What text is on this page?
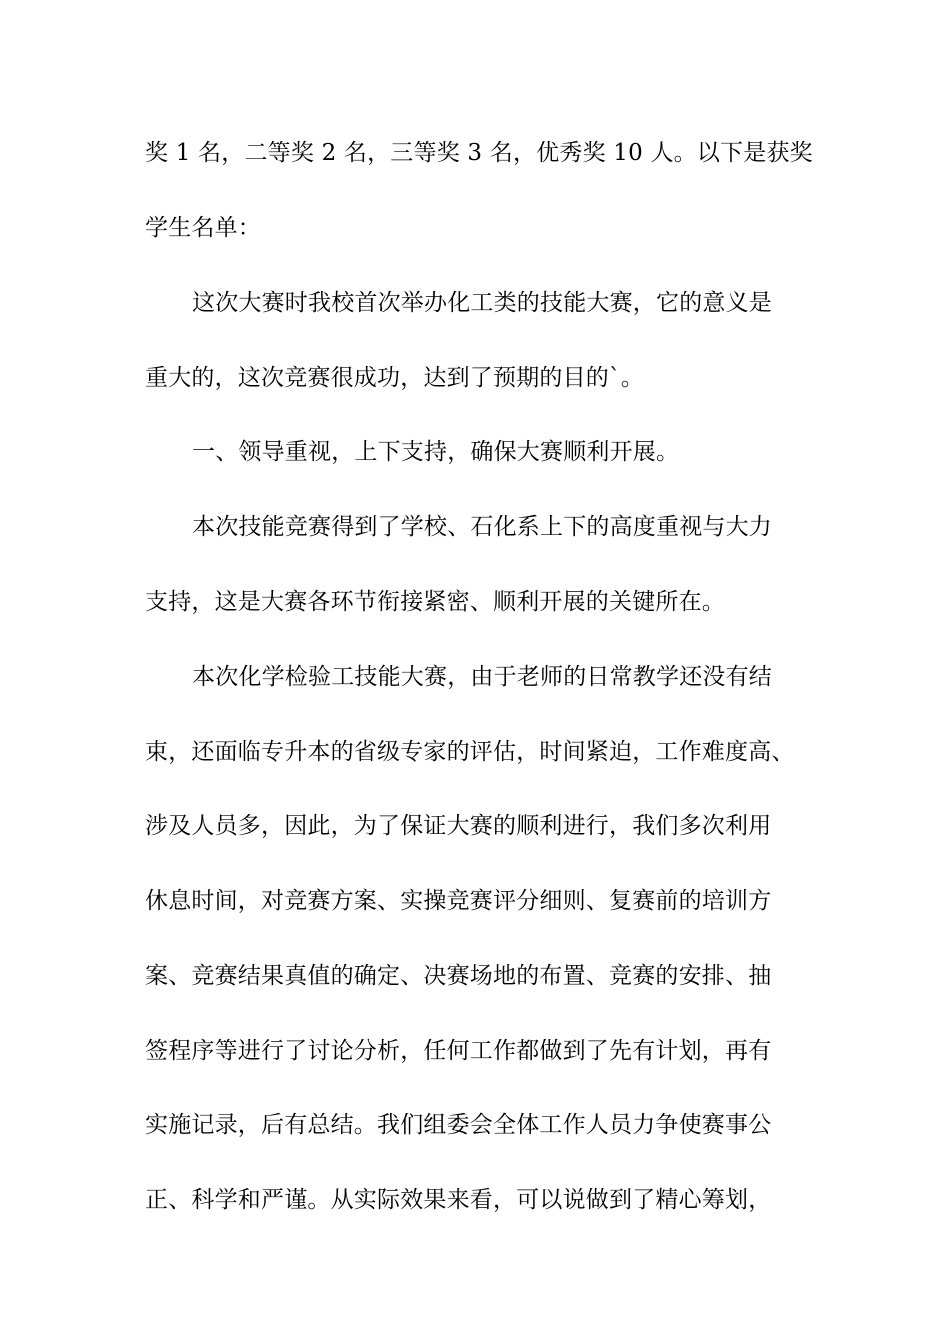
奖 1 名，二等奖 2 名，三等奖 3 名，优秀奖 10 人。以下是获奖

学生名单：

这次大赛时我校首次举办化工类的技能大赛，它的意义是

重大的，这次竞赛很成功，达到了预期的目的`。

一、领导重视，上下支持，确保大赛顺利开展。

本次技能竞赛得到了学校、石化系上下的高度重视与大力

支持，这是大赛各环节衔接紧密、顺利开展的关键所在。

本次化学检验工技能大赛，由于老师的日常教学还没有结

束，还面临专升本的省级专家的评估，时间紧迫，工作难度高、

涉及人员多，因此，为了保证大赛的顺利进行，我们多次利用

休息时间，对竞赛方案、实操竞赛评分细则、复赛前的培训方

案、竞赛结果真值的确定、决赛场地的布置、竞赛的安排、抽

签程序等进行了讨论分析，任何工作都做到了先有计划，再有

实施记录，后有总结。我们组委会全体工作人员力争使赛事公

正、科学和严谨。从实际效果来看，可以说做到了精心筹划，
